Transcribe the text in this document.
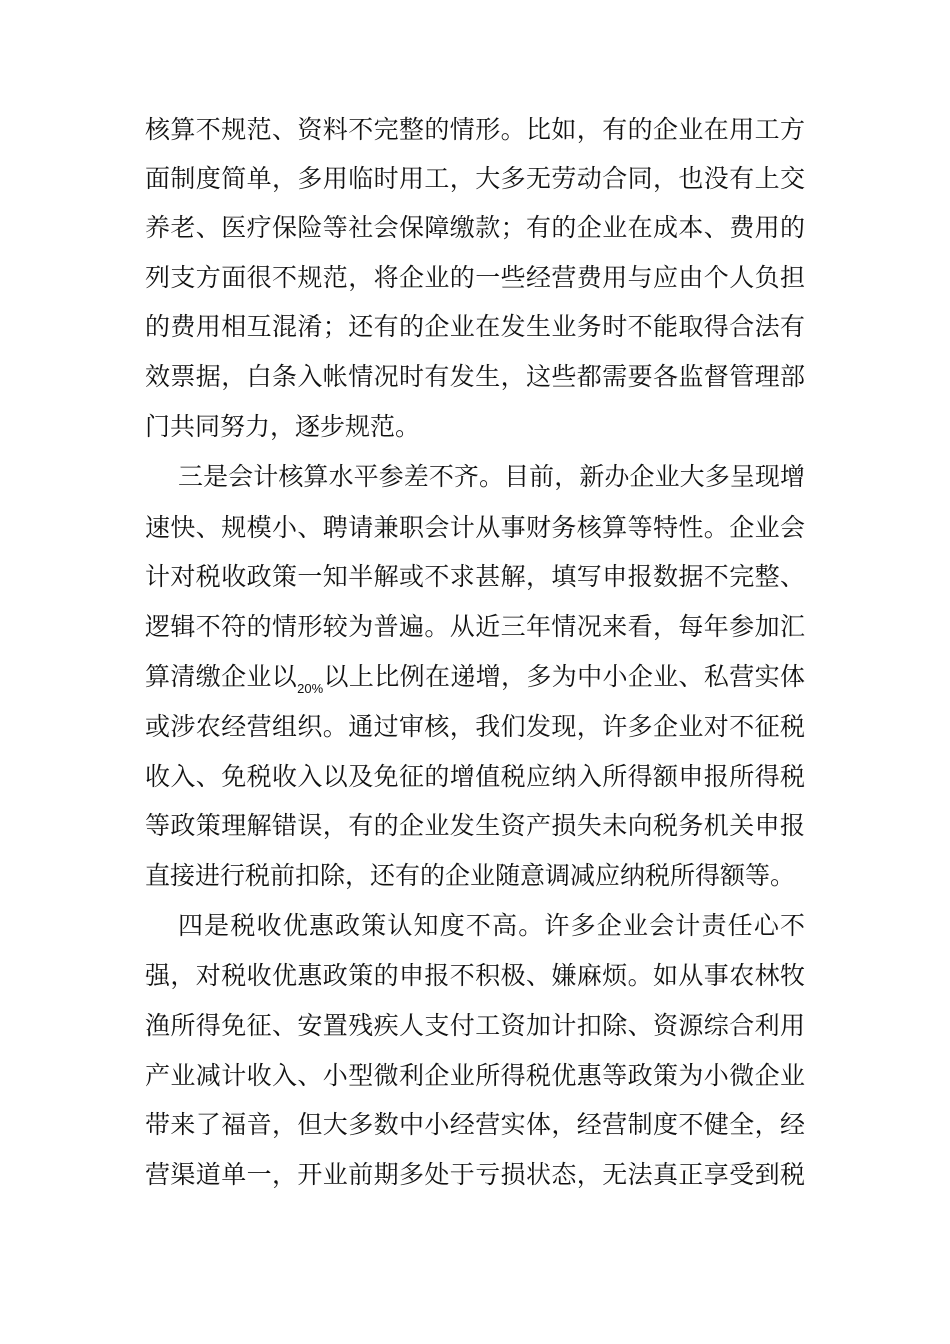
核算不规范、资料不完整的情形。比如，有的企业在用工方
面制度简单，多用临时用工，大多无劳动合同，也没有上交
养老、医疗保险等社会保障缴款；有的企业在成本、费用的
列支方面很不规范，将企业的一些经营费用与应由个人负担
的费用相互混淆；还有的企业在发生业务时不能取得合法有
效票据，白条入帐情况时有发生，这些都需要各监督管理部
门共同努力，逐步规范。
三是会计核算水平参差不齐。目前，新办企业大多呈现增
速快、规模小、聘请兼职会计从事财务核算等特性。企业会
计对税收政策一知半解或不求甚解，填写申报数据不完整、
逻辑不符的情形较为普遍。从近三年情况来看，每年参加汇
算清缴企业以$_{20\%}$以上比例在递增，多为中小企业、私营实体
或涉农经营组织。通过审核，我们发现，许多企业对不征税
收入、免税收入以及免征的增值税应纳入所得额申报所得税
等政策理解错误，有的企业发生资产损失未向税务机关申报
直接进行税前扣除，还有的企业随意调减应纳税所得额等。
四是税收优惠政策认知度不高。许多企业会计责任心不
强，对税收优惠政策的申报不积极、嫌麻烦。如从事农林牧
渔所得免征、安置残疾人支付工资加计扣除、资源综合利用
产业减计收入、小型微利企业所得税优惠等政策为小微企业
带来了福音，但大多数中小经营实体，经营制度不健全，经
营渠道单一，开业前期多处于亏损状态，无法真正享受到税
